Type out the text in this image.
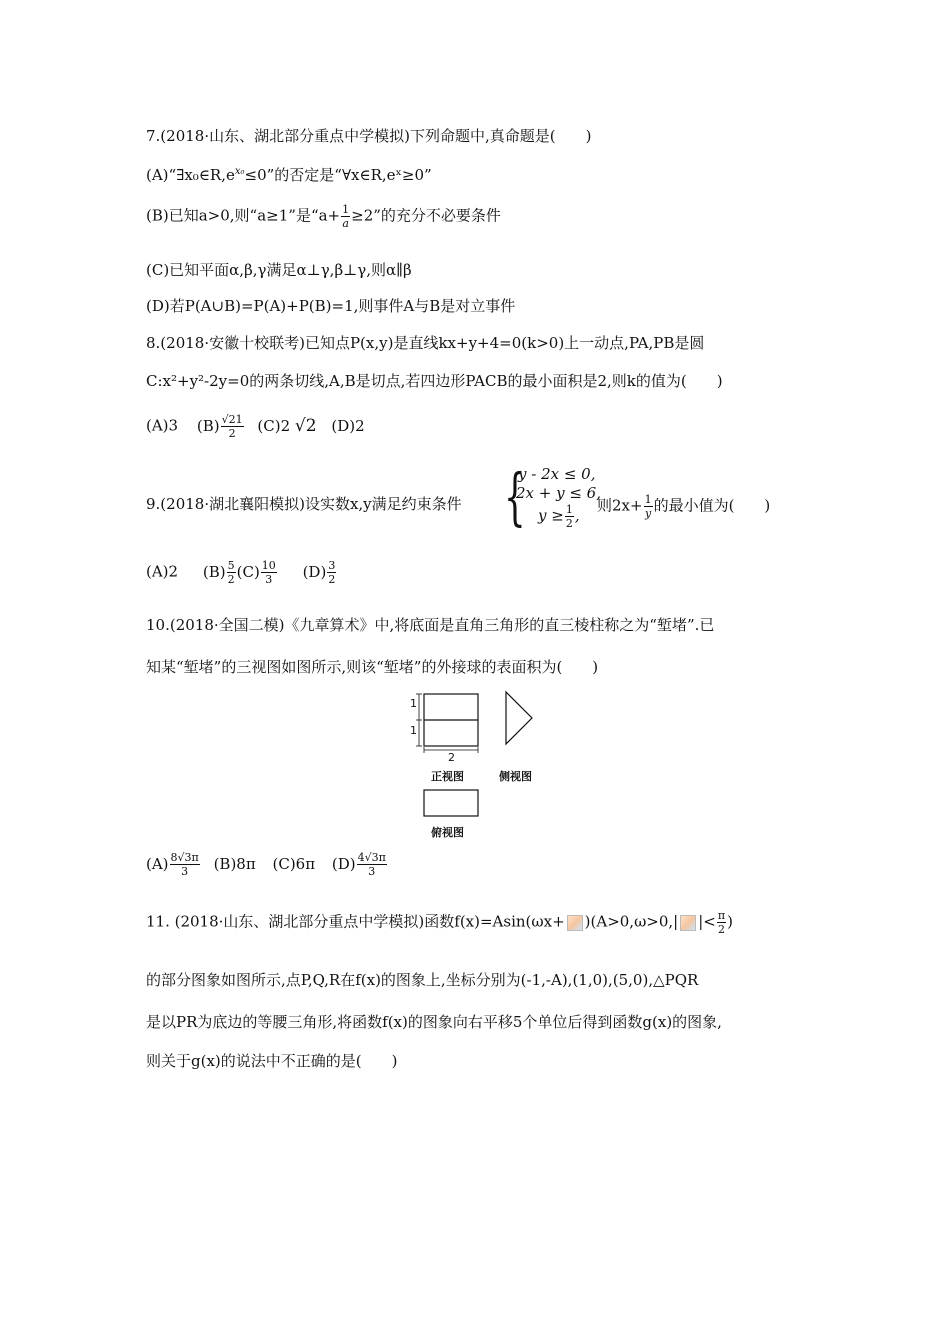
7.(2018·山东、湖北部分重点中学模拟)下列命题中,真命题是(　　)
$(A)“\exists x_0\in R,e^{x_0}\le 0$”的否定是“∀x∈R,eˣ≥0”
(B)已知a>0,则“a≥1”是“$a+ \frac{1}{a} \ge 2$”的充分不必要条件
(C)已知平面α,β,γ满足α⊥γ,β⊥γ,则α∥β
(D)若P(A∪B)=P(A)+P(B)=1,则事件A与B是对立事件
8.(2018·安徽十校联考)已知点P(x,y)是直线kx+y+4=0(k>0)上一动点,PA,PB是圆
C:x²+y²-2y=0的两条切线,A,B是切点,若四边形PACB的最小面积是2,则k的值为(　　)
(A)3 $(B) \frac{√21}{2} (C)2$ √2 (D)2
9.(2018·湖北襄阳模拟)设实数x,y满足约束条件 {
y - 2x ≤ 0,
2x + y ≤ 6,
$y \ge \frac{1}{2}$ ,
则$2x+ \frac{1}{y}$ 的最小值为(　　)
(A)2 $(B) \frac{5}{2} (C) \frac{10}{3} (D) \frac{3}{2}$
10.(2018·全国二模)《九章算术》中,将底面是直角三角形的直三棱柱称之为“堑堵”.已
知某“堑堵”的三视图如图所示,则该“堑堵”的外接球的表面积为(　　)
1
1
2
正视图	侧视图
俯视图
$(A) \frac{8√3\pi}{3} (B)8\pi$ (C)6π $(D) \frac{4√3\pi}{3}$
11. (2018·山东、湖北部分重点中学模拟)函数f(x)=Asin(ωx+ )(A>0,ω>0,| |< $\frac{\pi}{2}$ )
的部分图象如图所示,点P,Q,R在f(x)的图象上,坐标分别为(-1,-A),(1,0),(5,0),△PQR
是以PR为底边的等腰三角形,将函数f(x)的图象向右平移5个单位后得到函数g(x)的图象,
则关于g(x)的说法中不正确的是(　　)
